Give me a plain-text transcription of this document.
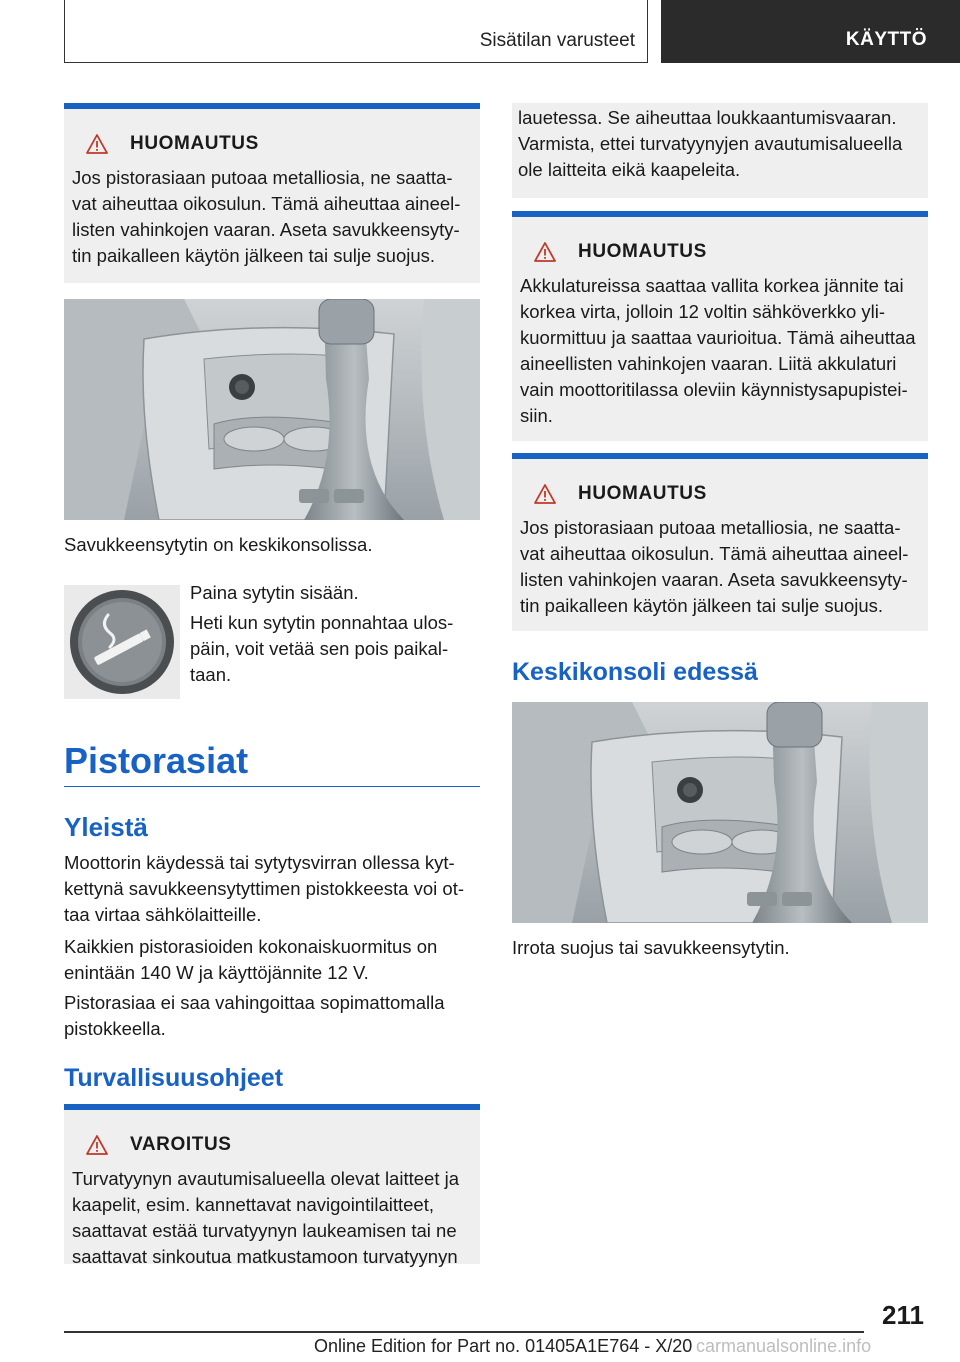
Sisätilan varusteet	KÄYTTÖ
HUOMAUTUS
Jos pistorasiaan putoaa metalliosia, ne saatta-
vat aiheuttaa oikosulun. Tämä aiheuttaa aineel-
listen vahinkojen vaaran. Aseta savukkeensyty-
tin paikalleen käytön jälkeen tai sulje suojus.
Savukkeensytytin on keskikonsolissa.
Paina sytytin sisään.
Heti kun sytytin ponnahtaa ulos-
päin, voit vetää sen pois paikal-
taan.
Pistorasiat
Yleistä
Moottorin käydessä tai sytytysvirran ollessa kyt-
kettynä savukkeensytyttimen pistokkeesta voi ot-
taa virtaa sähkölaitteille.
Kaikkien pistorasioiden kokonaiskuormitus on
enintään 140 W ja käyttöjännite 12 V.
Pistorasiaa ei saa vahingoittaa sopimattomalla
pistokkeella.
Turvallisuusohjeet
VAROITUS
Turvatyynyn avautumisalueella olevat laitteet ja
kaapelit, esim. kannettavat navigointilaitteet,
saattavat estää turvatyynyn laukeamisen tai ne
saattavat sinkoutua matkustamoon turvatyynyn
lauetessa. Se aiheuttaa loukkaantumisvaaran.
Varmista, ettei turvatyynyjen avautumisalueella
ole laitteita eikä kaapeleita.
HUOMAUTUS
Akkulatureissa saattaa vallita korkea jännite tai
korkea virta, jolloin 12 voltin sähköverkko yli-
kuormittuu ja saattaa vaurioitua. Tämä aiheuttaa
aineellisten vahinkojen vaaran. Liitä akkulaturi
vain moottoritilassa oleviin käynnistysapupistei-
siin.
HUOMAUTUS
Jos pistorasiaan putoaa metalliosia, ne saatta-
vat aiheuttaa oikosulun. Tämä aiheuttaa aineel-
listen vahinkojen vaaran. Aseta savukkeensyty-
tin paikalleen käytön jälkeen tai sulje suojus.
Keskikonsoli edessä
Irrota suojus tai savukkeensytytin.
211
Online Edition for Part no. 01405A1E764 - X/20 carmanualsonline.info
